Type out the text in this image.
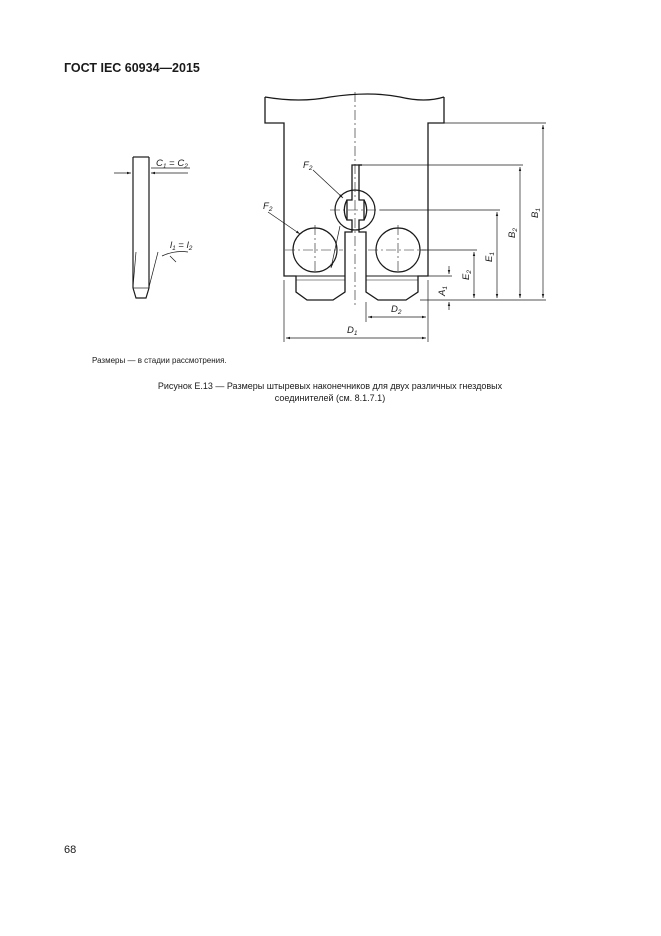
ГОСТ IEC 60934—2015
$C_1 = C_2$
$l_1 = l_2$
$F_2$
$F_2$
$B_1$
$B_2$
$E_1$
$E_2$
$A_1$
$D_2$
$D_1$
Размеры — в стадии рассмотрения.
Рисунок Е.13 — Размеры штыревых наконечников для двух различных гнездовых
соединителей (см. 8.1.7.1)
68
